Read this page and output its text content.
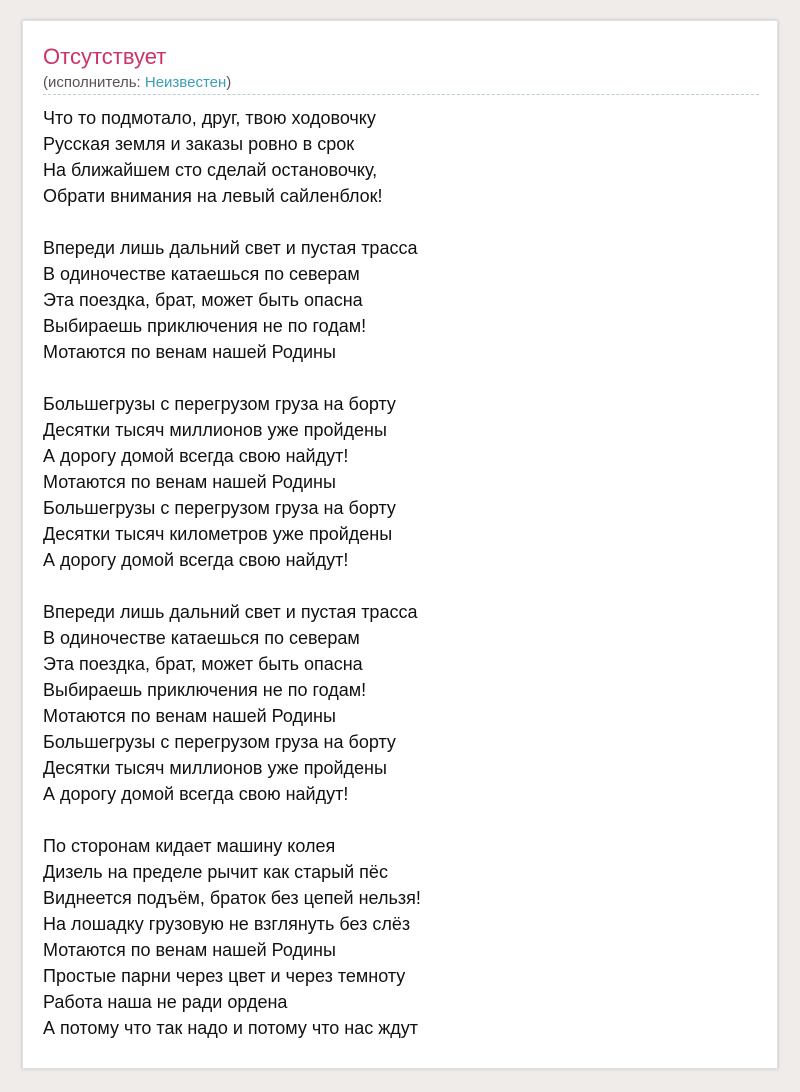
Отсутствует
(исполнитель: Неизвестен)
Что то подмотало, друг, твою ходовочку
Русская земля и заказы ровно в срок
На ближайшем сто сделай остановочку,
Обрати внимания на левый сайленблок!
Впереди лишь дальний свет и пустая трасса
В одиночестве катаешься по северам
Эта поездка, брат, может быть опасна
Выбираешь приключения не по годам!
Мотаются по венам нашей Родины
Большегрузы с перегрузом груза на борту
Десятки тысяч миллионов уже пройдены
А дорогу домой всегда свою найдут!
Мотаются по венам нашей Родины
Большегрузы с перегрузом груза на борту
Десятки тысяч километров уже пройдены
А дорогу домой всегда свою найдут!
Впереди лишь дальний свет и пустая трасса
В одиночестве катаешься по северам
Эта поездка, брат, может быть опасна
Выбираешь приключения не по годам!
Мотаются по венам нашей Родины
Большегрузы с перегрузом груза на борту
Десятки тысяч миллионов уже пройдены
А дорогу домой всегда свою найдут!
По сторонам кидает машину колея
Дизель на пределе рычит как старый пёс
Виднеется подъём, браток без цепей нельзя!
На лошадку грузовую не взглянуть без слёз
Мотаются по венам нашей Родины
Простые парни через цвет и через темноту
Работа наша не ради ордена
А потому что так надо и потому что нас ждут
